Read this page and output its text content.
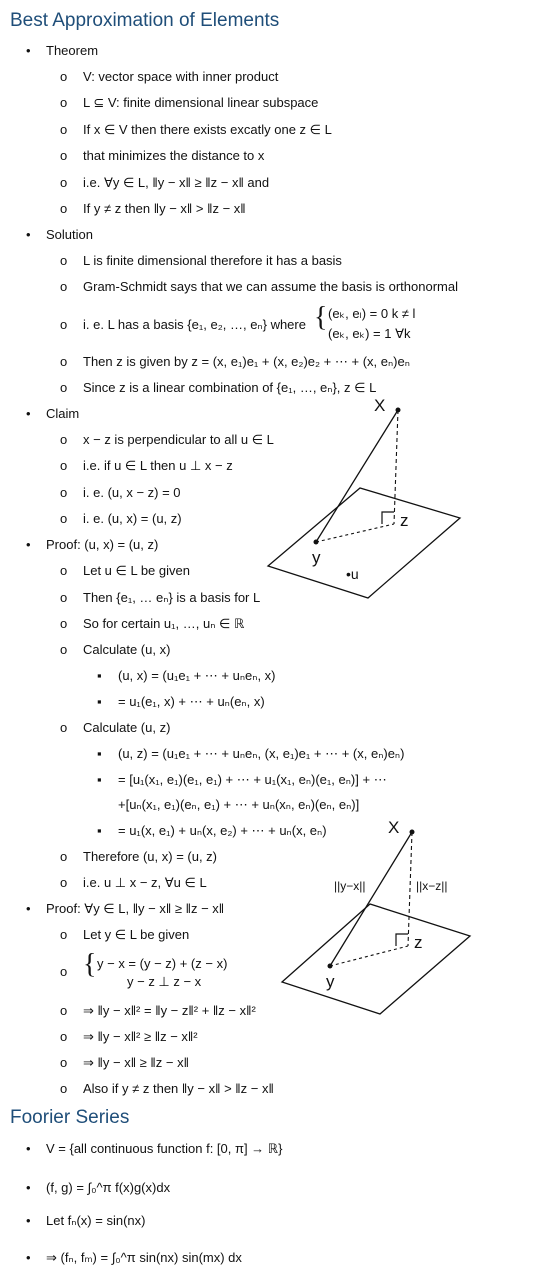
Best Approximation of Elements
• Theorem
o V: vector space with inner product
o L ⊆ V: finite dimensional linear subspace
o If x ∈ V then there exists excatly one z ∈ L
o that minimizes the distance to x
o i.e. ∀y ∈ L, ‖y − x‖ ≥ ‖z − x‖ and
o If y ≠ z then ‖y − x‖ > ‖z − x‖
• Solution
o L is finite dimensional therefore it has a basis
o Gram-Schmidt says that we can assume the basis is orthonormal
o i. e. L has a basis {e₁, e₂, …, eₙ} where { (eₖ, eₗ) = 0 k ≠ l
(eₖ, eₖ) = 1 ∀k
o Then z is given by z = (x, e₁)e₁ + (x, e₂)e₂ + ⋯ + (x, eₙ)eₙ
o Since z is a linear combination of {e₁, …, eₙ}, z ∈ L
• Claim
o x − z is perpendicular to all u ∈ L
o i.e. if u ∈ L then u ⊥ x − z
o i. e. (u, x − z) = 0
o i. e. (u, x) = (u, z)
X
y
z
•u
• Proof: (u, x) = (u, z)
o Let u ∈ L be given
o Then {e₁, … eₙ} is a basis for L
o So for certain u₁, …, uₙ ∈ ℝ
o Calculate (u, x)
▪ (u, x) = (u₁e₁ + ⋯ + uₙeₙ, x)
▪ = u₁(e₁, x) + ⋯ + uₙ(eₙ, x)
o Calculate (u, z)
▪ (u, z) = (u₁e₁ + ⋯ + uₙeₙ, (x, e₁)e₁ + ⋯ + (x, eₙ)eₙ)
▪ = [u₁(x₁, e₁)(e₁, e₁) + ⋯ + u₁(x₁, eₙ)(e₁, eₙ)] + ⋯
+[uₙ(x₁, e₁)(eₙ, e₁) + ⋯ + uₙ(xₙ, eₙ)(eₙ, eₙ)]
▪ = u₁(x, e₁) + uₙ(x, e₂) + ⋯ + uₙ(x, eₙ)
o Therefore (u, x) = (u, z)
o i.e. u ⊥ x − z, ∀u ∈ L
X
y
z
||y−x||	||x−z||
• Proof: ∀y ∈ L, ‖y − x‖ ≥ ‖z − x‖
o Let y ∈ L be given
o { y − x = (y − z) + (z − x)
y − z ⊥ z − x
o ⇒ ‖y − x‖² = ‖y − z‖² + ‖z − x‖²
o ⇒ ‖y − x‖² ≥ ‖z − x‖²
o ⇒ ‖y − x‖ ≥ ‖z − x‖
o Also if y ≠ z then ‖y − x‖ > ‖z − x‖
Foorier Series
• V = {all continuous function f: [0, π] → ℝ}
• (f, g) = ∫₀^π f(x)g(x)dx
• Let fₙ(x) = sin(nx)
• ⇒ (fₙ, fₘ) = ∫₀^π sin(nx) sin(mx) dx
